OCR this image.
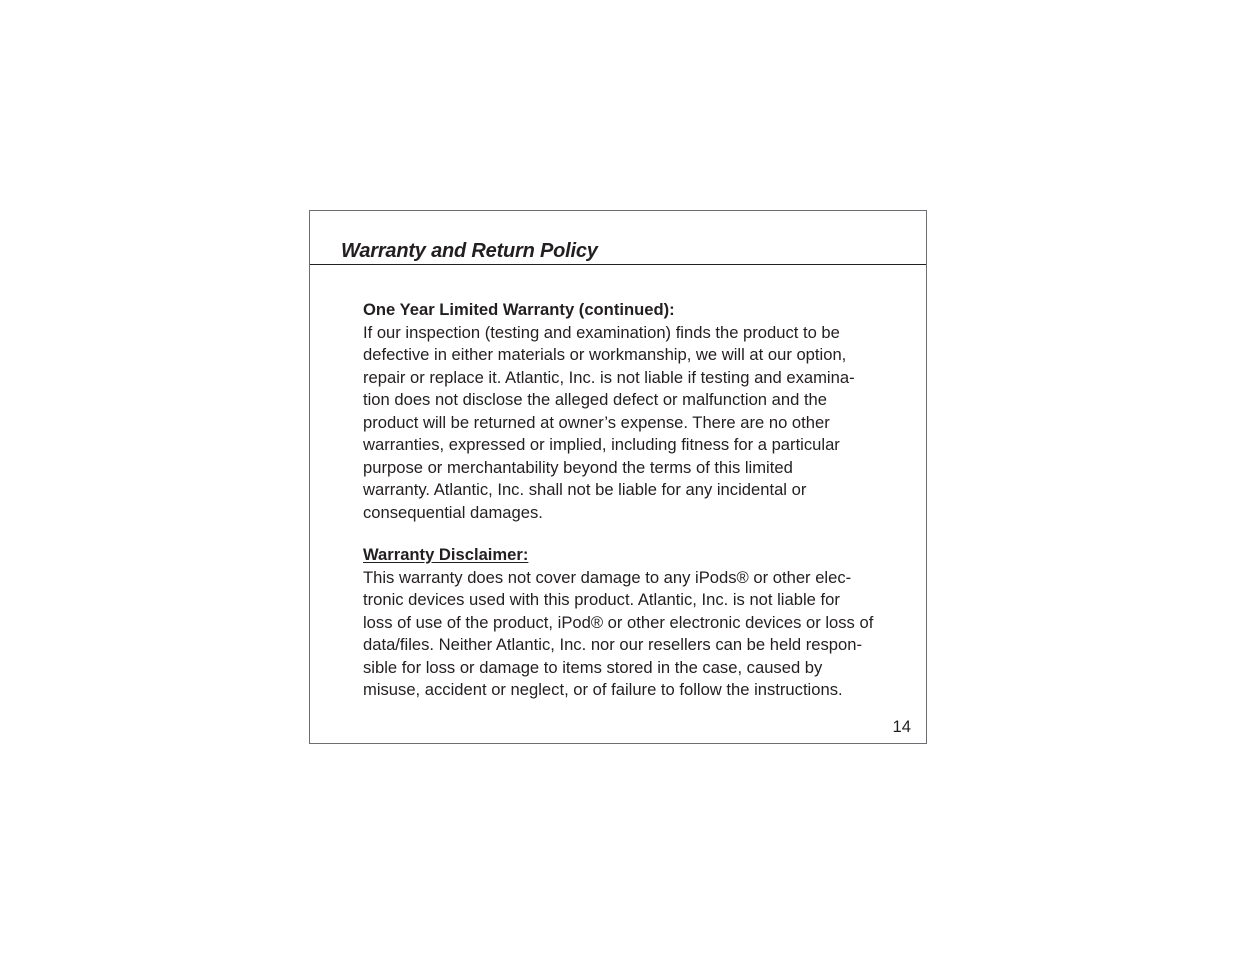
Warranty and Return Policy
One Year Limited Warranty (continued):
If our inspection (testing and examination) finds the product to be
defective in either materials or workmanship, we will at our option,
repair or replace it. Atlantic, Inc. is not liable if testing and examina-
tion does not disclose the alleged defect or malfunction and the
product will be returned at owner’s expense. There are no other
warranties, expressed or implied, including fitness for a particular
purpose or merchantability beyond the terms of this limited
warranty. Atlantic, Inc. shall not be liable for any incidental or
consequential damages.
Warranty Disclaimer:
This warranty does not cover damage to any iPods® or other elec-
tronic devices used with this product. Atlantic, Inc. is not liable for
loss of use of the product, iPod® or other electronic devices or loss of
data/files. Neither Atlantic, Inc. nor our resellers can be held respon-
sible for loss or damage to items stored in the case, caused by
misuse, accident or neglect, or of failure to follow the instructions.
14
